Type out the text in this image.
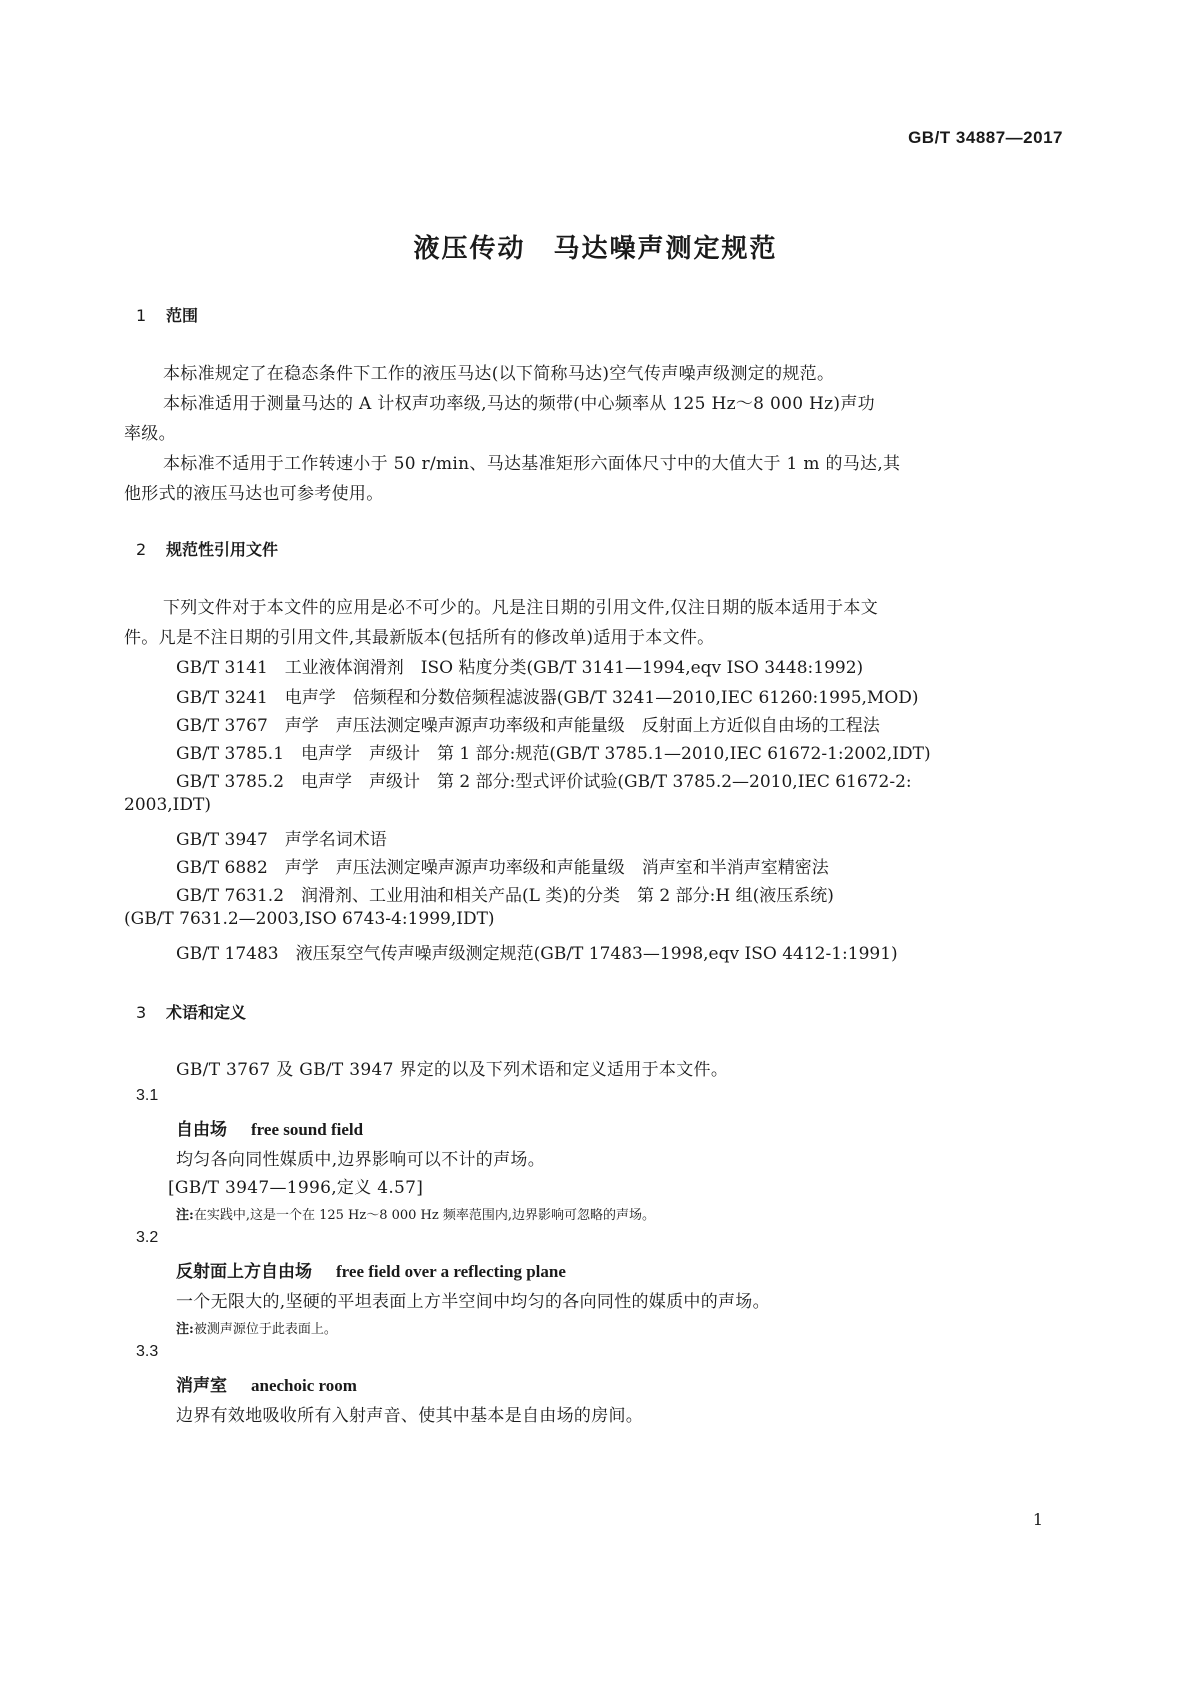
GB/T 34887—2017
液压传动　马达噪声测定规范
1 范围
本标准规定了在稳态条件下工作的液压马达(以下简称马达)空气传声噪声级测定的规范。
本标准适用于测量马达的 A 计权声功率级,马达的频带(中心频率从 125 Hz～8 000 Hz)声功
率级。
本标准不适用于工作转速小于 50 r/min、马达基准矩形六面体尺寸中的大值大于 1 m 的马达,其
他形式的液压马达也可参考使用。
2 规范性引用文件
下列文件对于本文件的应用是必不可少的。凡是注日期的引用文件,仅注日期的版本适用于本文
件。凡是不注日期的引用文件,其最新版本(包括所有的修改单)适用于本文件。
GB/T 3141　工业液体润滑剂　ISO 粘度分类(GB/T 3141—1994,eqv ISO 3448:1992)
GB/T 3241　电声学　倍频程和分数倍频程滤波器(GB/T 3241—2010,IEC 61260:1995,MOD)
GB/T 3767　声学　声压法测定噪声源声功率级和声能量级　反射面上方近似自由场的工程法
GB/T 3785.1　电声学　声级计　第 1 部分:规范(GB/T 3785.1—2010,IEC 61672-1:2002,IDT)
GB/T 3785.2　电声学　声级计　第 2 部分:型式评价试验(GB/T 3785.2—2010,IEC 61672-2:
2003,IDT)
GB/T 3947　声学名词术语
GB/T 6882　声学　声压法测定噪声源声功率级和声能量级　消声室和半消声室精密法
GB/T 7631.2　润滑剂、工业用油和相关产品(L 类)的分类　第 2 部分:H 组(液压系统)
(GB/T 7631.2—2003,ISO 6743-4:1999,IDT)
GB/T 17483　液压泵空气传声噪声级测定规范(GB/T 17483—1998,eqv ISO 4412-1:1991)
3 术语和定义
GB/T 3767 及 GB/T 3947 界定的以及下列术语和定义适用于本文件。
3.1
自由场 free sound field
均匀各向同性媒质中,边界影响可以不计的声场。
[GB/T 3947—1996,定义 4.57]
注:在实践中,这是一个在 125 Hz～8 000 Hz 频率范围内,边界影响可忽略的声场。
3.2
反射面上方自由场 free field over a reflecting plane
一个无限大的,坚硬的平坦表面上方半空间中均匀的各向同性的媒质中的声场。
注:被测声源位于此表面上。
3.3
消声室 anechoic room
边界有效地吸收所有入射声音、使其中基本是自由场的房间。
1
